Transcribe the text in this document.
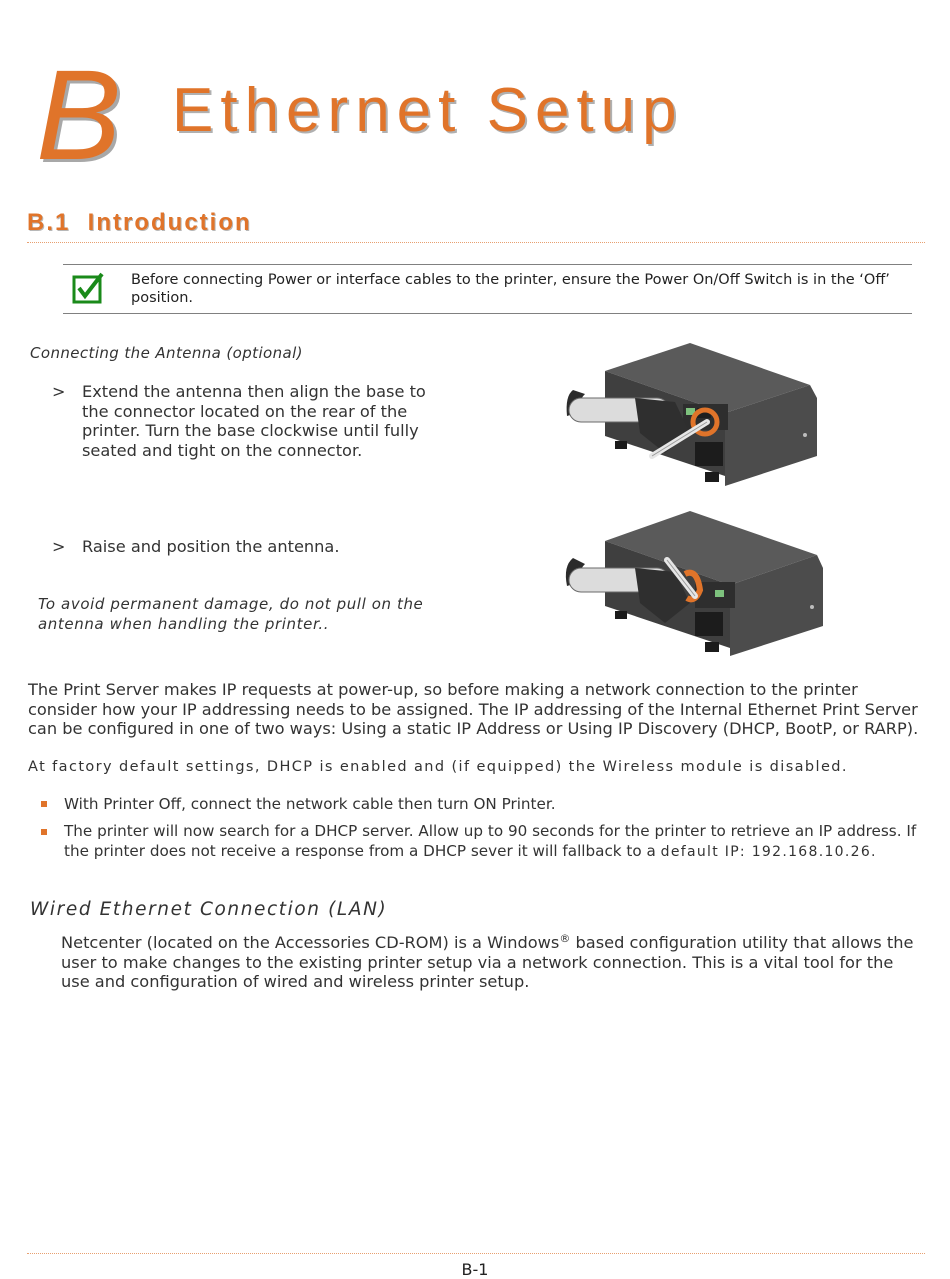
B Ethernet Setup
B.1  Introduction
Before connecting Power or interface cables to the printer, ensure the Power On/Off Switch is in the ‘Off’ position.
Connecting the Antenna (optional)
> Extend the antenna then align the base to the connector located on the rear of the printer. Turn the base clockwise until fully seated and tight on the connector.
> Raise and position the antenna.
To avoid permanent damage, do not pull on the antenna when handling the printer..
The Print Server makes IP requests at power-up, so before making a network connection to the printer consider how your IP addressing needs to be assigned. The IP addressing of the Internal Ethernet Print Server can be configured in one of two ways: Using a static IP Address or Using IP Discovery (DHCP, BootP, or RARP).
At factory default settings, DHCP is enabled and (if equipped) the Wireless module is disabled.
With Printer Off, connect the network cable then turn ON Printer.
The printer will now search for a DHCP server. Allow up to 90 seconds for the printer to retrieve an IP address. If the printer does not receive a response from a DHCP sever it will fallback to a default IP: 192.168.10.26.
Wired Ethernet Connection (LAN)
Netcenter (located on the Accessories CD-ROM) is a Windows® based configuration utility that allows the user to make changes to the existing printer setup via a network connection. This is a vital tool for the use and configuration of wired and wireless printer setup.
B-1
